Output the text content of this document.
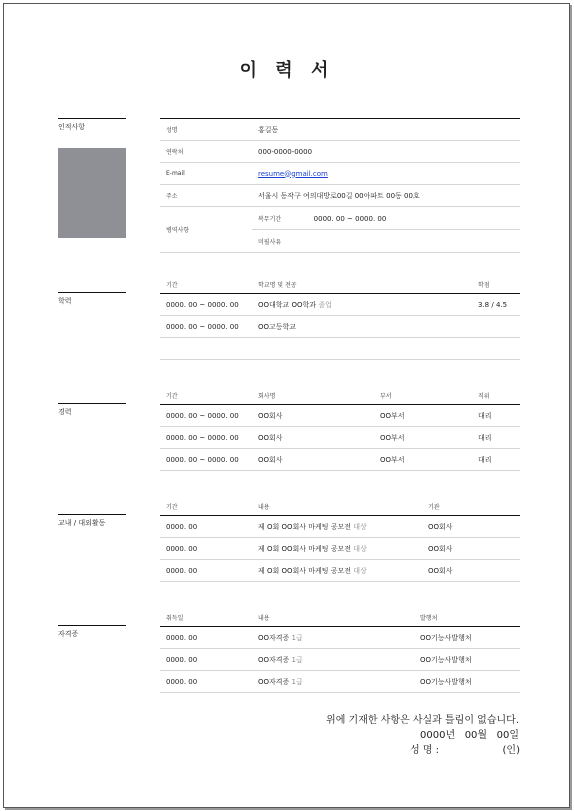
이 력 서
인적사항	성명	홍길동
연락처	000-0000-0000
E-mail	resume@gmail.com
주소	서울시 동작구 여의대방로00길 00아파트 00동 00호
병역사항	복무기간 0000. 00 ~ 0000. 00
	미필사유
학력
기간	학교명 및 전공	학점
0000. 00 ~ 0000. 00	OO대학교 OO학과 졸업	3.8 / 4.5
0000. 00 ~ 0000. 00	OO고등학교	

경력
기간	회사명	부서	직위
0000. 00 ~ 0000. 00	OO회사	OO부서	대리
0000. 00 ~ 0000. 00	OO회사	OO부서	대리
0000. 00 ~ 0000. 00	OO회사	OO부서	대리
교내 / 대외활동
기간	내용	기관
0000. 00	제 O회 OO회사 마케팅 공모전 대상	OO회사
0000. 00	제 O회 OO회사 마케팅 공모전 대상	OO회사
0000. 00	제 O회 OO회사 마케팅 공모전 대상	OO회사
자격증
취득일	내용	발행처
0000. 00	OO자격증 1급	OO기능사발행처
0000. 00	OO자격증 1급	OO기능사발행처
0000. 00	OO자격증 1급	OO기능사발행처
위에 기재한 사항은 사실과 틀림이 없습니다.
0000년   00월   00일
성 명 :	(인)
